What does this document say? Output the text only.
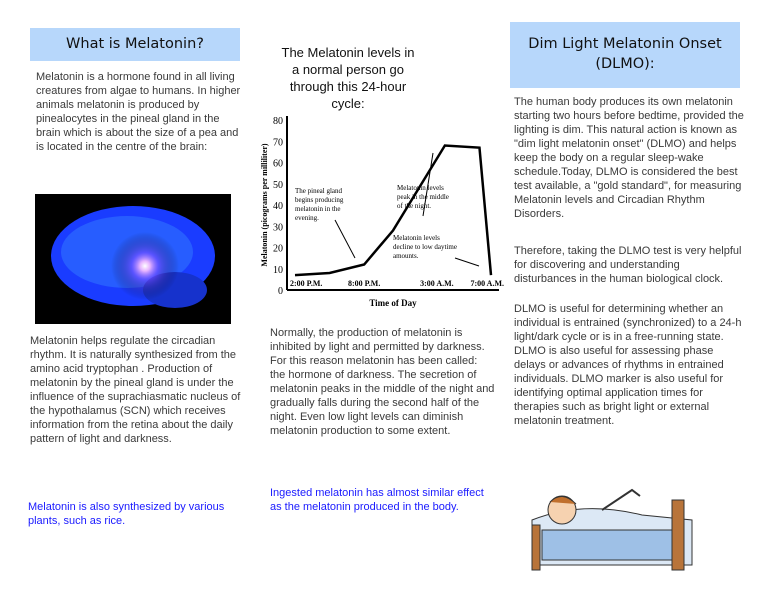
What is Melatonin?
Melatonin is a hormone found in all living creatures from algae to humans. In higher animals melatonin is produced by pinealocytes in the pineal gland in the brain which is about the size of a pea and is located in the centre of the brain:
Melatonin helps regulate the circadian rhythm. It is naturally synthesized from the amino acid tryptophan . Production of melatonin by the pineal gland is under the influence of the suprachiasmatic nucleus of the hypothalamus (SCN) which receives information from the retina about the daily pattern of light and darkness.
Melatonin is also synthesized by various plants, such as rice.
The Melatonin levels in a normal person go through this 24-hour cycle:
0
10
20
30
40
50
60
70
80
2:00 P.M.	8:00 P.M.	3:00 A.M. 7:00 A.M.
Time of Day
Melatonin (picograms per milliliter)	The pineal gland begins producing melatonin in the evening.
Melatonin levels peak in the middle of the night.
Melatonin levels decline to low daytime amounts.
Normally, the production of melatonin is inhibited by light and permitted by darkness. For this reason melatonin has been called: the hormone of darkness. The secretion of melatonin peaks in the middle of the night and gradually falls during the second half of the night. Even low light levels can diminish melatonin production to some extent.
Ingested melatonin has almost similar effect as the melatonin produced in the body.
Dim Light Melatonin Onset (DLMO):
The human body produces its own melatonin starting two hours before bedtime, provided the lighting is dim. This natural action is known as "dim light melatonin onset" (DLMO) and helps keep the body on a regular sleep-wake schedule.Today, DLMO is considered the best test available, a "gold standard", for measuring Melatonin levels and Circadian Rhythm Disorders.
Therefore, taking the DLMO test is very helpful for discovering and understanding disturbances in the human biological clock.
DLMO is useful for determining whether an individual is entrained (synchronized) to a 24-h light/dark cycle or is in a free-running state. DLMO is also useful for assessing phase delays or advances of rhythms in entrained individuals. DLMO marker is also useful for identifying optimal application times for therapies such as bright light or external melatonin treatment.
